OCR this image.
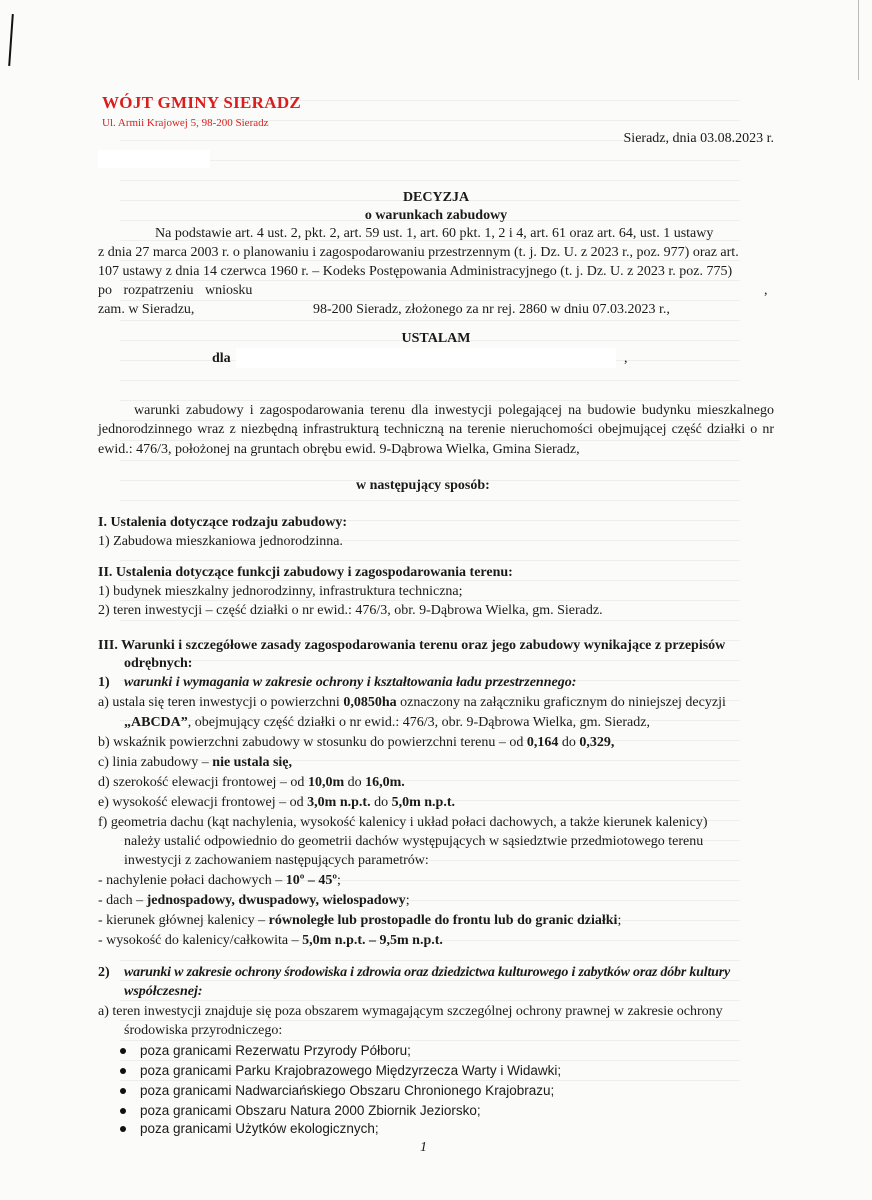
WÓJT GMINY SIERADZ
Ul. Armii Krajowej 5, 98-200 Sieradz
Sieradz, dnia 03.08.2023 r.
DECYZJA
o warunkach zabudowy
Na podstawie art. 4 ust. 2, pkt. 2, art. 59 ust. 1, art. 60 pkt. 1, 2 i 4, art. 61 oraz art. 64, ust. 1 ustawy
z dnia 27 marca 2003 r. o planowaniu i zagospodarowaniu przestrzennym (t. j. Dz. U. z 2023 r., poz. 977) oraz art.
107 ustawy z dnia 14 czerwca 1960 r. – Kodeks Postępowania Administracyjnego (t. j. Dz. U. z 2023 r. poz. 775)
po rozpatrzeniu wniosku	,
zam. w Sieradzu,	98-200 Sieradz, złożonego za nr rej. 2860 w dniu 07.03.2023 r.,
USTALAM
dla	,
warunki zabudowy i zagospodarowania terenu dla inwestycji polegającej na budowie budynku mieszkalnego jednorodzinnego wraz z niezbędną infrastrukturą techniczną na terenie nieruchomości obejmującej część działki o nr ewid.: 476/3, położonej na gruntach obrębu ewid. 9-Dąbrowa Wielka, Gmina Sieradz,
w następujący sposób:
I. Ustalenia dotyczące rodzaju zabudowy:
1) Zabudowa mieszkaniowa jednorodzinna.
II. Ustalenia dotyczące funkcji zabudowy i zagospodarowania terenu:
1) budynek mieszkalny jednorodzinny, infrastruktura techniczna;
2) teren inwestycji – część działki o nr ewid.: 476/3, obr. 9-Dąbrowa Wielka, gm. Sieradz.
III. Warunki i szczegółowe zasady zagospodarowania terenu oraz jego zabudowy wynikające z przepisów
odrębnych:
1) warunki i wymagania w zakresie ochrony i kształtowania ładu przestrzennego:
a) ustala się teren inwestycji o powierzchni 0,0850ha oznaczony na załączniku graficznym do niniejszej decyzji
„ABCDA”, obejmujący część działki o nr ewid.: 476/3, obr. 9-Dąbrowa Wielka, gm. Sieradz,
b) wskaźnik powierzchni zabudowy w stosunku do powierzchni terenu – od 0,164 do 0,329,
c) linia zabudowy – nie ustala się,
d) szerokość elewacji frontowej – od 10,0m do 16,0m.
e) wysokość elewacji frontowej – od 3,0m n.p.t. do 5,0m n.p.t.
f) geometria dachu (kąt nachylenia, wysokość kalenicy i układ połaci dachowych, a także kierunek kalenicy)
należy ustalić odpowiednio do geometrii dachów występujących w sąsiedztwie przedmiotowego terenu
inwestycji z zachowaniem następujących parametrów:
- nachylenie połaci dachowych – 10º – 45º;
- dach – jednospadowy, dwuspadowy, wielospadowy;
- kierunek głównej kalenicy – równoległe lub prostopadle do frontu lub do granic działki;
- wysokość do kalenicy/całkowita – 5,0m n.p.t. – 9,5m n.p.t.
2) warunki w zakresie ochrony środowiska i zdrowia oraz dziedzictwa kulturowego i zabytków oraz dóbr kultury
współczesnej:
a) teren inwestycji znajduje się poza obszarem wymagającym szczególnej ochrony prawnej w zakresie ochrony
środowiska przyrodniczego:
poza granicami Rezerwatu Przyrody Półboru;
poza granicami Parku Krajobrazowego Międzyrzecza Warty i Widawki;
poza granicami Nadwarciańskiego Obszaru Chronionego Krajobrazu;
poza granicami Obszaru Natura 2000 Zbiornik Jeziorsko;
poza granicami Użytków ekologicznych;
1
